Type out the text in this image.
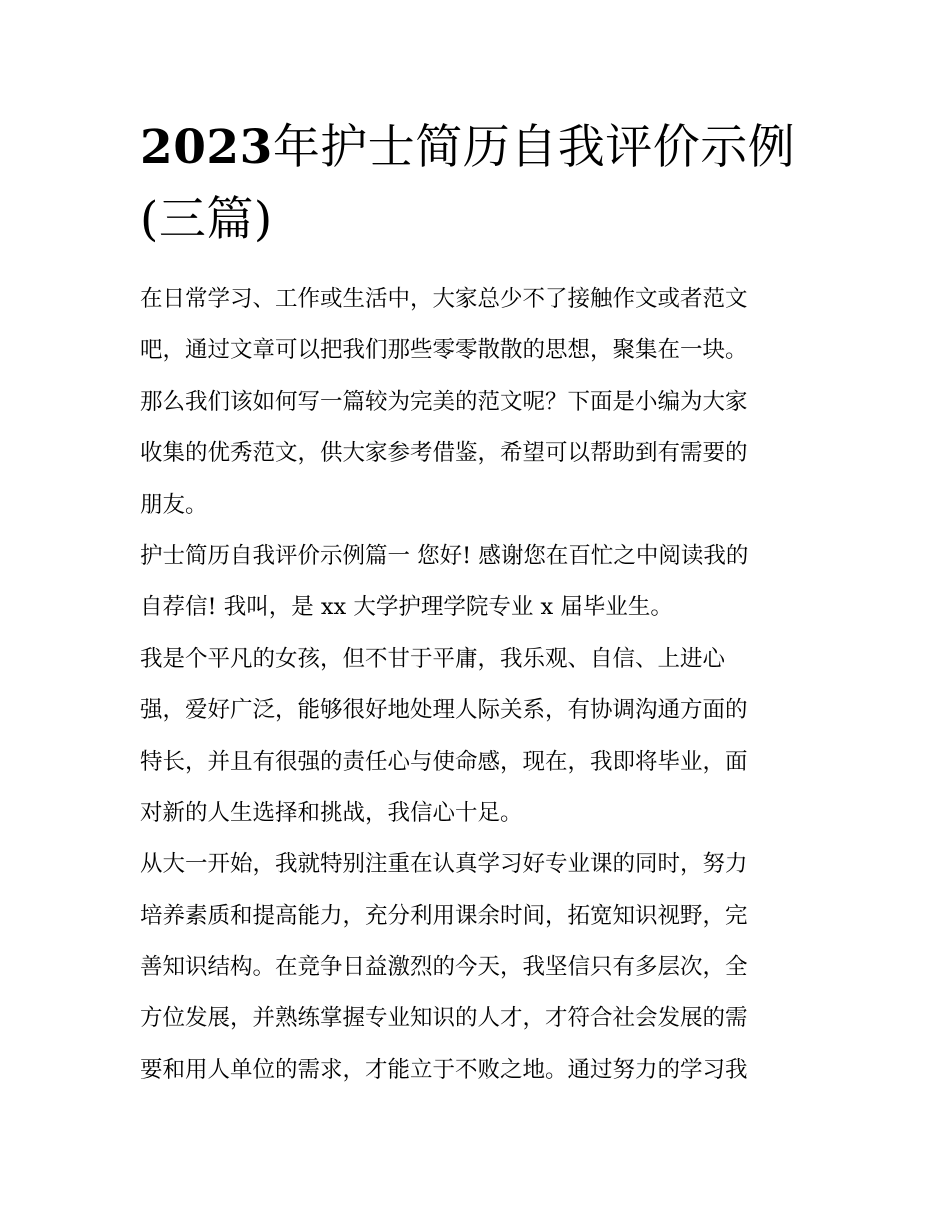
2023年护士简历自我评价示例
(三篇)
在日常学习、工作或生活中，大家总少不了接触作文或者范文
吧，通过文章可以把我们那些零零散散的思想，聚集在一块。
那么我们该如何写一篇较为完美的范文呢？下面是小编为大家
收集的优秀范文，供大家参考借鉴，希望可以帮助到有需要的
朋友。
护士简历自我评价示例篇一 您好! 感谢您在百忙之中阅读我的
自荐信! 我叫，是 xx 大学护理学院专业 x 届毕业生。
我是个平凡的女孩，但不甘于平庸，我乐观、自信、上进心
强，爱好广泛，能够很好地处理人际关系，有协调沟通方面的
特长，并且有很强的责任心与使命感，现在，我即将毕业，面
对新的人生选择和挑战，我信心十足。
从大一开始，我就特别注重在认真学习好专业课的同时，努力
培养素质和提高能力，充分利用课余时间，拓宽知识视野，完
善知识结构。在竞争日益激烈的今天，我坚信只有多层次，全
方位发展，并熟练掌握专业知识的人才，才符合社会发展的需
要和用人单位的需求，才能立于不败之地。通过努力的学习我
